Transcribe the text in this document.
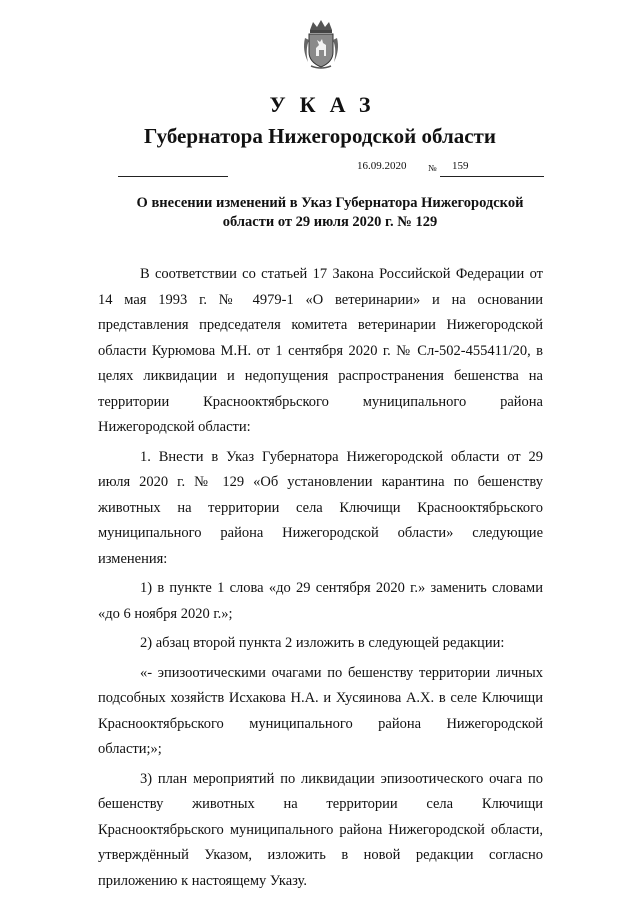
УКАЗ
Губернатора Нижегородской области
16.09.2020 № 159
О внесении изменений в Указ Губернатора Нижегородской области от 29 июля 2020 г. № 129

В соответствии со статьей 17 Закона Российской Федерации от 14 мая 1993 г. № 4979-1 «О ветеринарии» и на основании представления председателя комитета ветеринарии Нижегородской области Курюмова М.Н. от 1 сентября 2020 г. № Сл-502-455411/20, в целях ликвидации и недопущения распространения бешенства на территории Краснооктябрьского муниципального района Нижегородской области:

1. Внести в Указ Губернатора Нижегородской области от 29 июля 2020 г. № 129 «Об установлении карантина по бешенству животных на территории села Ключищи Краснооктябрьского муниципального района Нижегородской области» следующие изменения:

1) в пункте 1 слова «до 29 сентября 2020 г.» заменить словами «до 6 ноября 2020 г.»;

2) абзац второй пункта 2 изложить в следующей редакции:

«- эпизоотическими очагами по бешенству территории личных подсобных хозяйств Исхакова Н.А. и Хусяинова А.Х. в селе Ключищи Краснооктябрьского муниципального района Нижегородской области;»;

3) план мероприятий по ликвидации эпизоотического очага по бешенству животных на территории села Ключищи Краснооктябрьского муниципального района Нижегородской области, утверждённый Указом, изложить в новой редакции согласно приложению к настоящему Указу.
